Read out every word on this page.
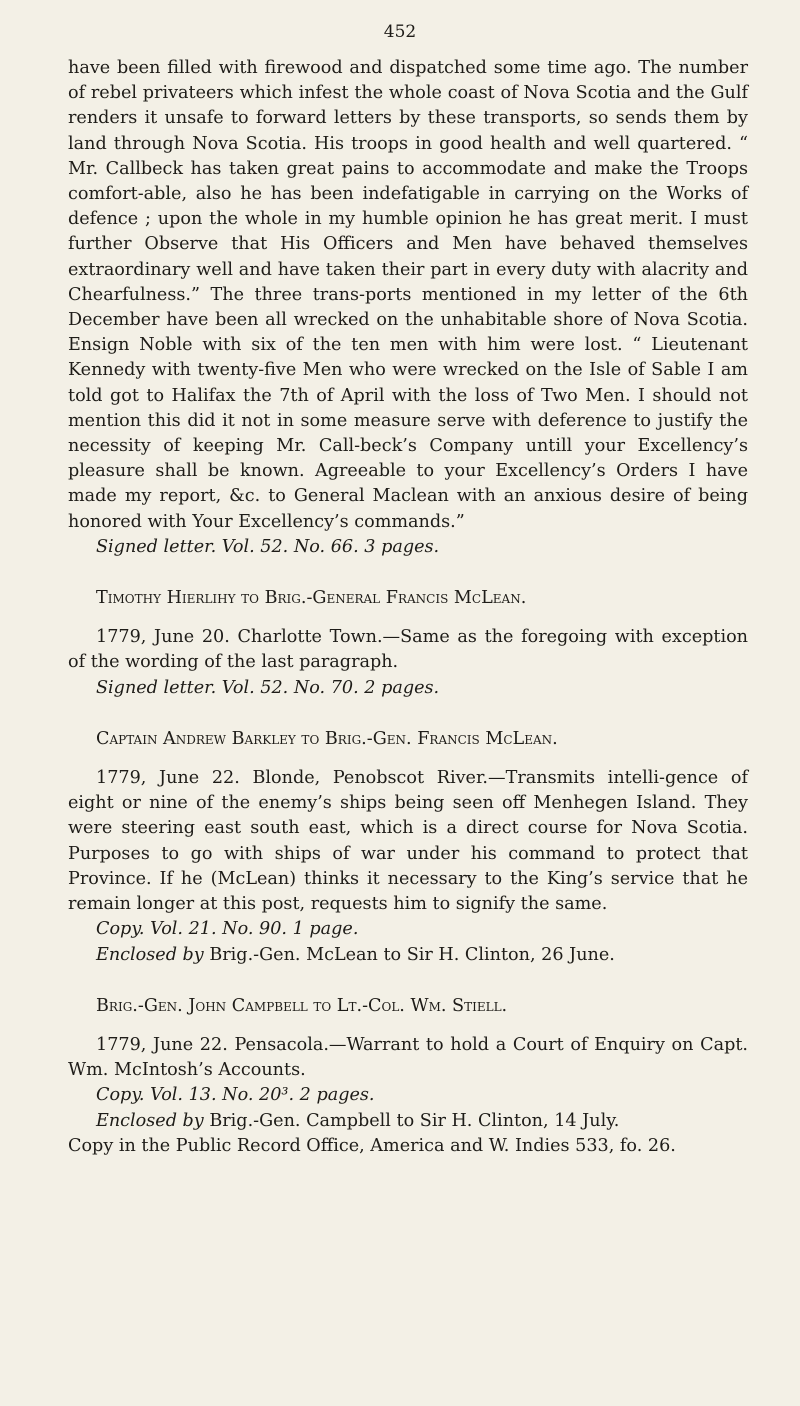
452

have been filled with firewood and dispatched some time ago. The number of rebel privateers which infest the whole coast of Nova Scotia and the Gulf renders it unsafe to forward letters by these transports, so sends them by land through Nova Scotia. His troops in good health and well quartered. “ Mr. Callbeck has taken great pains to accommodate and make the Troops comfort-able, also he has been indefatigable in carrying on the Works of defence ; upon the whole in my humble opinion he has great merit. I must further Observe that His Officers and Men have behaved themselves extraordinary well and have taken their part in every duty with alacrity and Chearfulness.” The three trans-ports mentioned in my letter of the 6th December have been all wrecked on the unhabitable shore of Nova Scotia. Ensign Noble with six of the ten men with him were lost. “ Lieutenant Kennedy with twenty-five Men who were wrecked on the Isle of Sable I am told got to Halifax the 7th of April with the loss of Two Men. I should not mention this did it not in some measure serve with deference to justify the necessity of keeping Mr. Call-beck’s Company untill your Excellency’s pleasure shall be known. Agreeable to your Excellency’s Orders I have made my report, &c. to General Maclean with an anxious desire of being honored with Your Excellency’s commands.”

Signed letter. Vol. 52. No. 66. 3 pages.

Timothy Hierlihy to Brig.-General Francis McLean.

1779, June 20. Charlotte Town.—Same as the foregoing with exception of the wording of the last paragraph.

Signed letter. Vol. 52. No. 70. 2 pages.

Captain Andrew Barkley to Brig.-Gen. Francis McLean.

1779, June 22. Blonde, Penobscot River.—Transmits intelli-gence of eight or nine of the enemy’s ships being seen off Menhegen Island. They were steering east south east, which is a direct course for Nova Scotia. Purposes to go with ships of war under his command to protect that Province. If he (McLean) thinks it necessary to the King’s service that he remain longer at this post, requests him to signify the same.

Copy. Vol. 21. No. 90. 1 page.

Enclosed by Brig.-Gen. McLean to Sir H. Clinton, 26 June.

Brig.-Gen. John Campbell to Lt.-Col. Wm. Stiell.

1779, June 22. Pensacola.—Warrant to hold a Court of Enquiry on Capt. Wm. McIntosh’s Accounts.

Copy. Vol. 13. No. 20³. 2 pages.

Enclosed by Brig.-Gen. Campbell to Sir H. Clinton, 14 July.

Copy in the Public Record Office, America and W. Indies 533, fo. 26.
